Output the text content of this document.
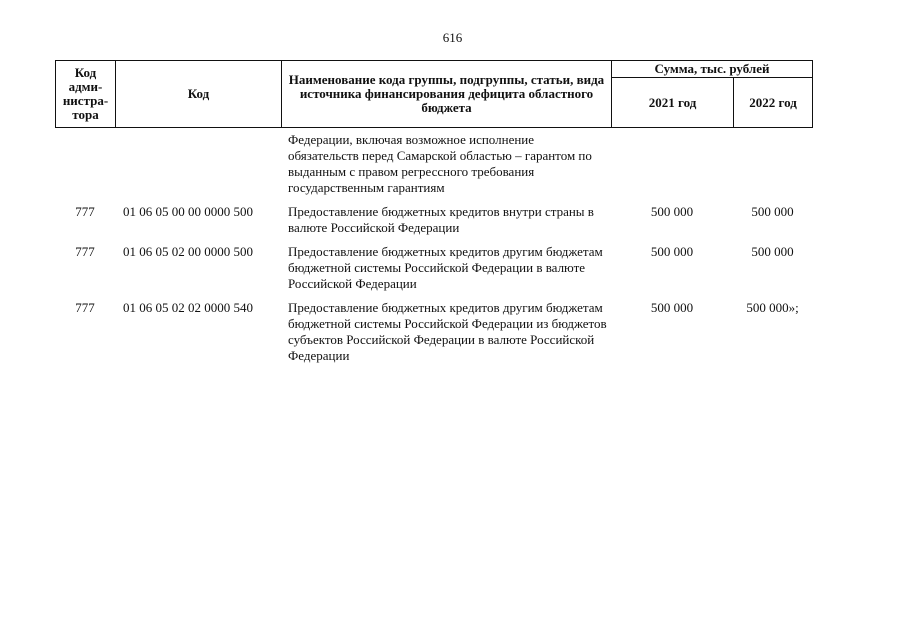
616
Код адми-нистра-тора	Код	Наименование кода группы, подгруппы, статьи, вида источника финансирования дефицита областного бюджета	Сумма, тыс. рублей	
			2021 год	2022 год
		Федерации, включая возможное исполнение обязательств перед Самарской областью – гарантом по выданным с правом регрессного требования государственным гарантиям		
777	01 06 05 00 00 0000 500	Предоставление бюджетных кредитов внутри страны в валюте Российской Федерации	500 000	500 000
777	01 06 05 02 00 0000 500	Предоставление бюджетных кредитов другим бюджетам бюджетной системы Российской Федерации в валюте Российской Федерации	500 000	500 000
777	01 06 05 02 02 0000 540	Предоставление бюджетных кредитов другим бюджетам бюджетной системы Российской Федерации из бюджетов субъектов Российской Федерации в валюте Российской Федерации	500 000	500 000»;
